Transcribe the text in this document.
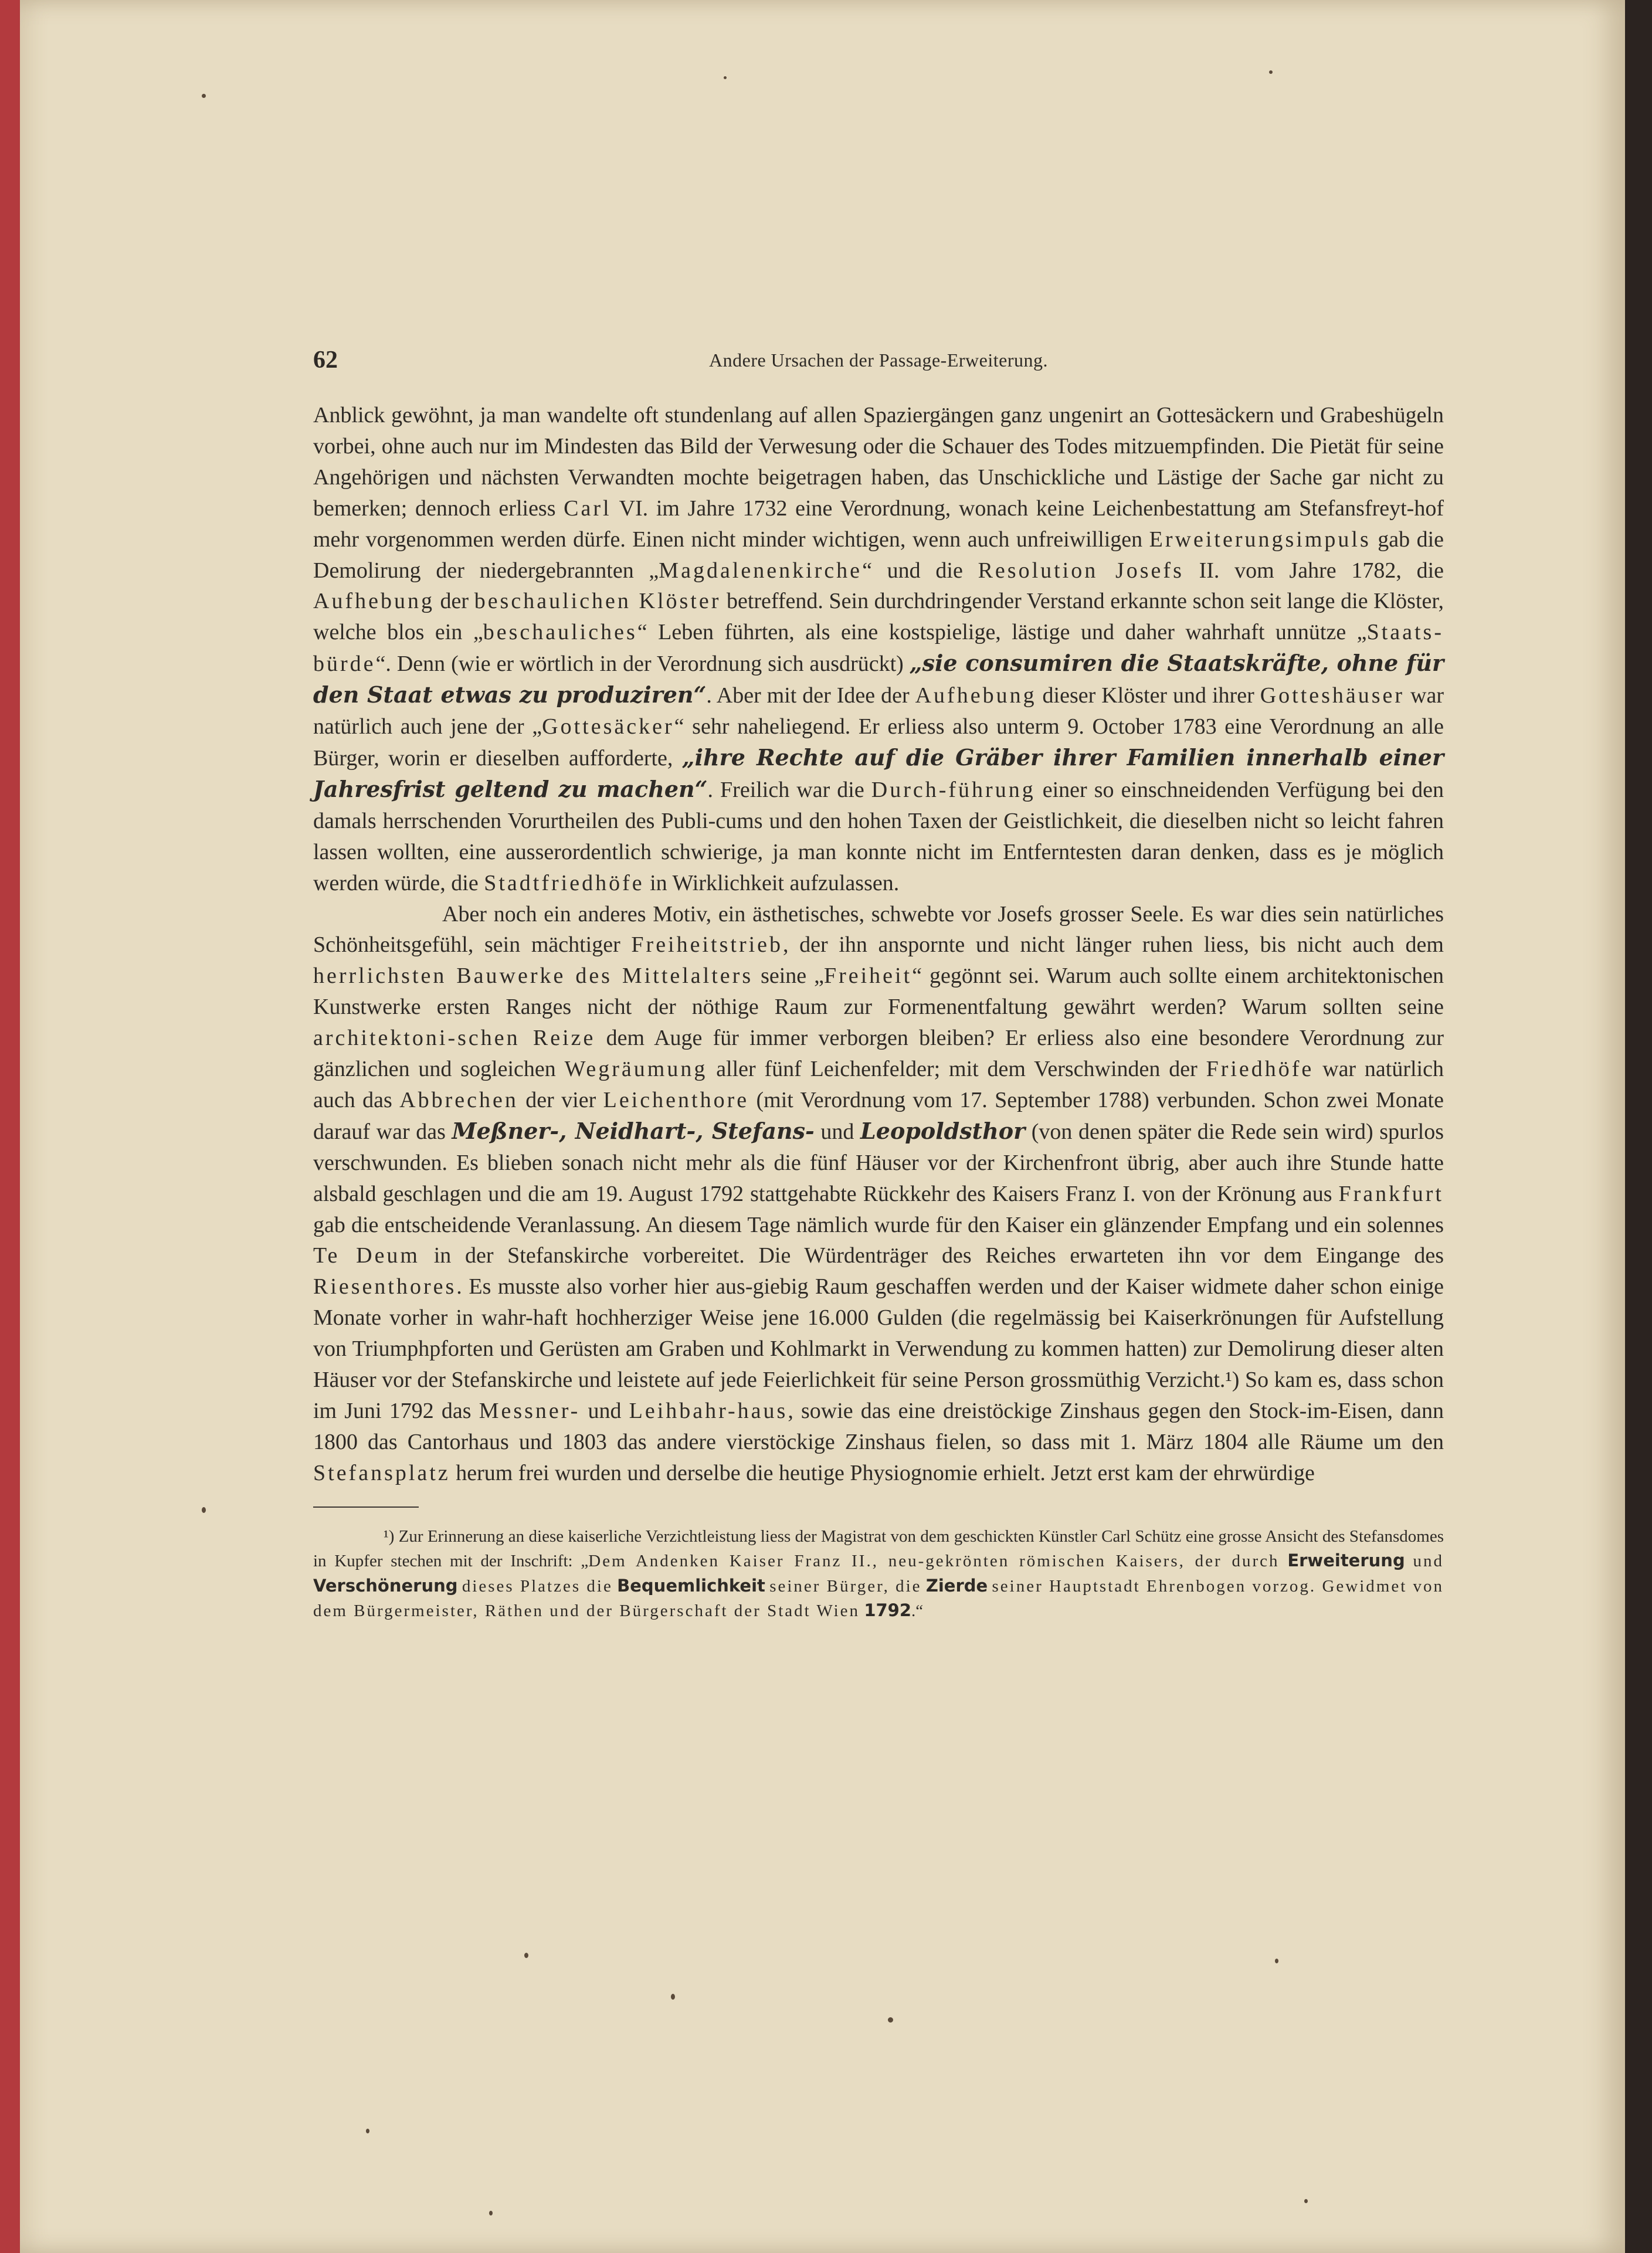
62	Andere Ursachen der Passage-Erweiterung.

Anblick gewöhnt, ja man wandelte oft stundenlang auf allen Spaziergängen ganz ungenirt an Gottesäckern und Grabeshügeln vorbei, ohne auch nur im Mindesten das Bild der Verwesung oder die Schauer des Todes mitzuempfinden. Die Pietät für seine Angehörigen und nächsten Verwandten mochte beigetragen haben, das Unschickliche und Lästige der Sache gar nicht zu bemerken; dennoch erliess Carl VI. im Jahre 1732 eine Verordnung, wonach keine Leichenbestattung am Stefansfreyt-hof mehr vorgenommen werden dürfe. Einen nicht minder wichtigen, wenn auch unfreiwilligen Erweiterungsimpuls gab die Demolirung der niedergebrannten „Magdalenenkirche“ und die Resolution Josefs II. vom Jahre 1782, die Aufhebung der beschaulichen Klöster betreffend. Sein durchdringender Verstand erkannte schon seit lange die Klöster, welche blos ein „beschauliches“ Leben führten, als eine kostspielige, lästige und daher wahrhaft unnütze „Staats-bürde“. Denn (wie er wörtlich in der Verordnung sich ausdrückt) „sie consumiren die Staatskräfte, ohne für den Staat etwas zu produziren“. Aber mit der Idee der Aufhebung dieser Klöster und ihrer Gotteshäuser war natürlich auch jene der „Gottesäcker“ sehr naheliegend. Er erliess also unterm 9. October 1783 eine Verordnung an alle Bürger, worin er dieselben aufforderte, „ihre Rechte auf die Gräber ihrer Familien innerhalb einer Jahresfrist geltend zu machen“. Freilich war die Durch-führung einer so einschneidenden Verfügung bei den damals herrschenden Vorurtheilen des Publi-cums und den hohen Taxen der Geistlichkeit, die dieselben nicht so leicht fahren lassen wollten, eine ausserordentlich schwierige, ja man konnte nicht im Entferntesten daran denken, dass es je möglich werden würde, die Stadtfriedhöfe in Wirklichkeit aufzulassen.

Aber noch ein anderes Motiv, ein ästhetisches, schwebte vor Josefs grosser Seele. Es war dies sein natürliches Schönheitsgefühl, sein mächtiger Freiheitstrieb, der ihn anspornte und nicht länger ruhen liess, bis nicht auch dem herrlichsten Bauwerke des Mittelalters seine „Freiheit“ gegönnt sei. Warum auch sollte einem architektonischen Kunstwerke ersten Ranges nicht der nöthige Raum zur Formenentfaltung gewährt werden? Warum sollten seine architektoni-schen Reize dem Auge für immer verborgen bleiben? Er erliess also eine besondere Verordnung zur gänzlichen und sogleichen Wegräumung aller fünf Leichenfelder; mit dem Verschwinden der Friedhöfe war natürlich auch das Abbrechen der vier Leichenthore (mit Verordnung vom 17. September 1788) verbunden. Schon zwei Monate darauf war das Meßner-, Neidhart-, Stefans- und Leopoldsthor (von denen später die Rede sein wird) spurlos verschwunden. Es blieben sonach nicht mehr als die fünf Häuser vor der Kirchenfront übrig, aber auch ihre Stunde hatte alsbald geschlagen und die am 19. August 1792 stattgehabte Rückkehr des Kaisers Franz I. von der Krönung aus Frankfurt gab die entscheidende Veranlassung. An diesem Tage nämlich wurde für den Kaiser ein glänzender Empfang und ein solennes Te Deum in der Stefanskirche vorbereitet. Die Würdenträger des Reiches erwarteten ihn vor dem Eingange des Riesenthores. Es musste also vorher hier aus-giebig Raum geschaffen werden und der Kaiser widmete daher schon einige Monate vorher in wahr-haft hochherziger Weise jene 16.000 Gulden (die regelmässig bei Kaiserkrönungen für Aufstellung von Triumphpforten und Gerüsten am Graben und Kohlmarkt in Verwendung zu kommen hatten) zur Demolirung dieser alten Häuser vor der Stefanskirche und leistete auf jede Feierlichkeit für seine Person grossmüthig Verzicht.¹) So kam es, dass schon im Juni 1792 das Messner- und Leihbahr-haus, sowie das eine dreistöckige Zinshaus gegen den Stock-im-Eisen, dann 1800 das Cantorhaus und 1803 das andere vierstöckige Zinshaus fielen, so dass mit 1. März 1804 alle Räume um den Stefansplatz herum frei wurden und derselbe die heutige Physiognomie erhielt. Jetzt erst kam der ehrwürdige

¹) Zur Erinnerung an diese kaiserliche Verzichtleistung liess der Magistrat von dem geschickten Künstler Carl Schütz eine grosse Ansicht des Stefansdomes in Kupfer stechen mit der Inschrift: „Dem Andenken Kaiser Franz II., neu-gekrönten römischen Kaisers, der durch Erweiterung und Verschönerung dieses Platzes die Bequemlichkeit seiner Bürger, die Zierde seiner Hauptstadt Ehrenbogen vorzog. Gewidmet von dem Bürgermeister, Räthen und der Bürgerschaft der Stadt Wien 1792.“
